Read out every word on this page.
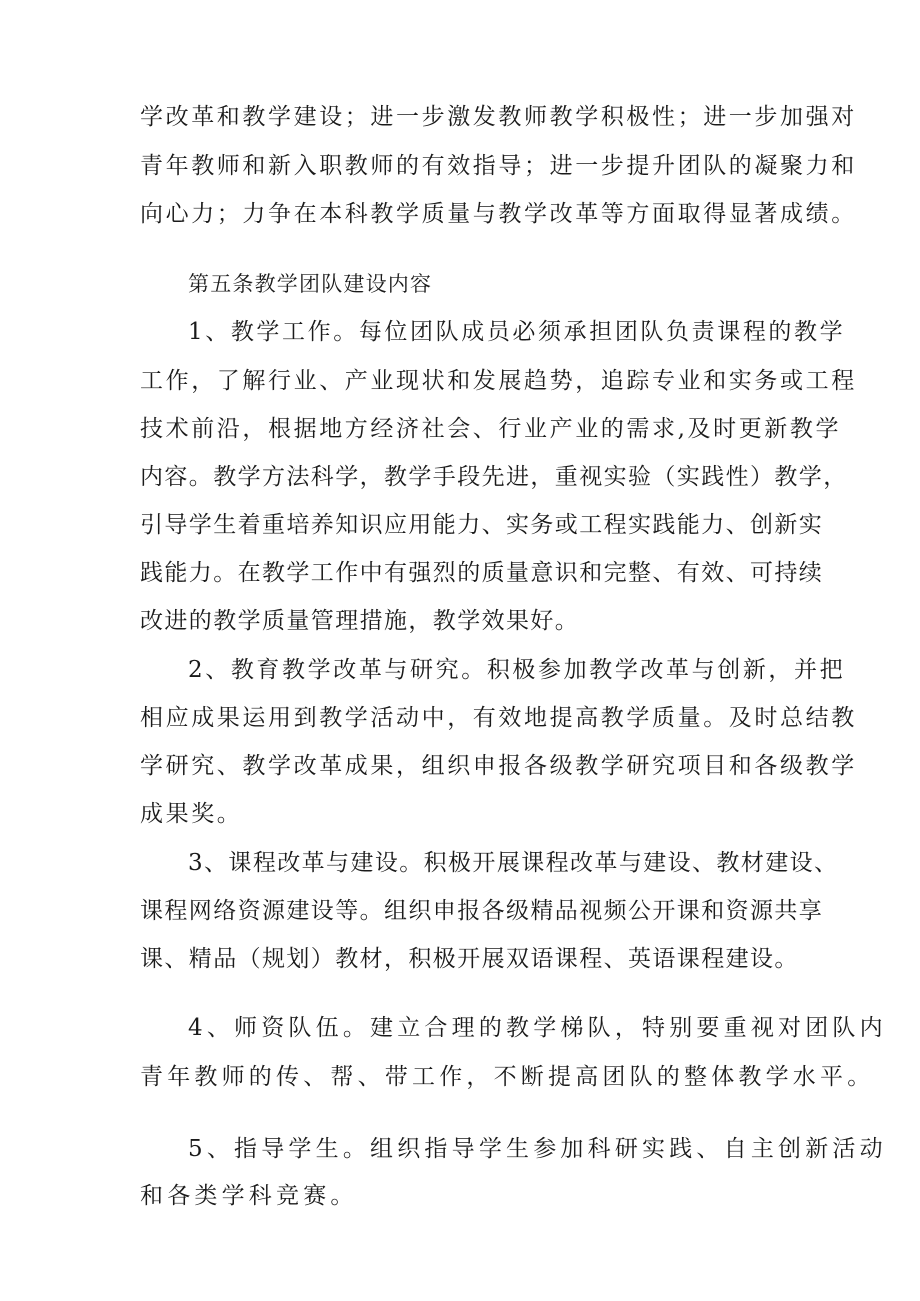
学改革和教学建设；进一步激发教师教学积极性；进一步加强对
青年教师和新入职教师的有效指导；进一步提升团队的凝聚力和
向心力；力争在本科教学质量与教学改革等方面取得显著成绩。
第五条教学团队建设内容
1、教学工作。每位团队成员必须承担团队负责课程的教学
工作，了解行业、产业现状和发展趋势，追踪专业和实务或工程
技术前沿，根据地方经济社会、行业产业的需求,及时更新教学
内容。教学方法科学，教学手段先进，重视实验（实践性）教学，
引导学生着重培养知识应用能力、实务或工程实践能力、创新实
践能力。在教学工作中有强烈的质量意识和完整、有效、可持续
改进的教学质量管理措施，教学效果好。
2、教育教学改革与研究。积极参加教学改革与创新，并把
相应成果运用到教学活动中，有效地提高教学质量。及时总结教
学研究、教学改革成果，组织申报各级教学研究项目和各级教学
成果奖。
3、课程改革与建设。积极开展课程改革与建设、教材建设、
课程网络资源建设等。组织申报各级精品视频公开课和资源共享
课、精品（规划）教材，积极开展双语课程、英语课程建设。
4、师资队伍。建立合理的教学梯队，特别要重视对团队内
青年教师的传、帮、带工作，不断提高团队的整体教学水平。
5、指导学生。组织指导学生参加科研实践、自主创新活动
和各类学科竞赛。
